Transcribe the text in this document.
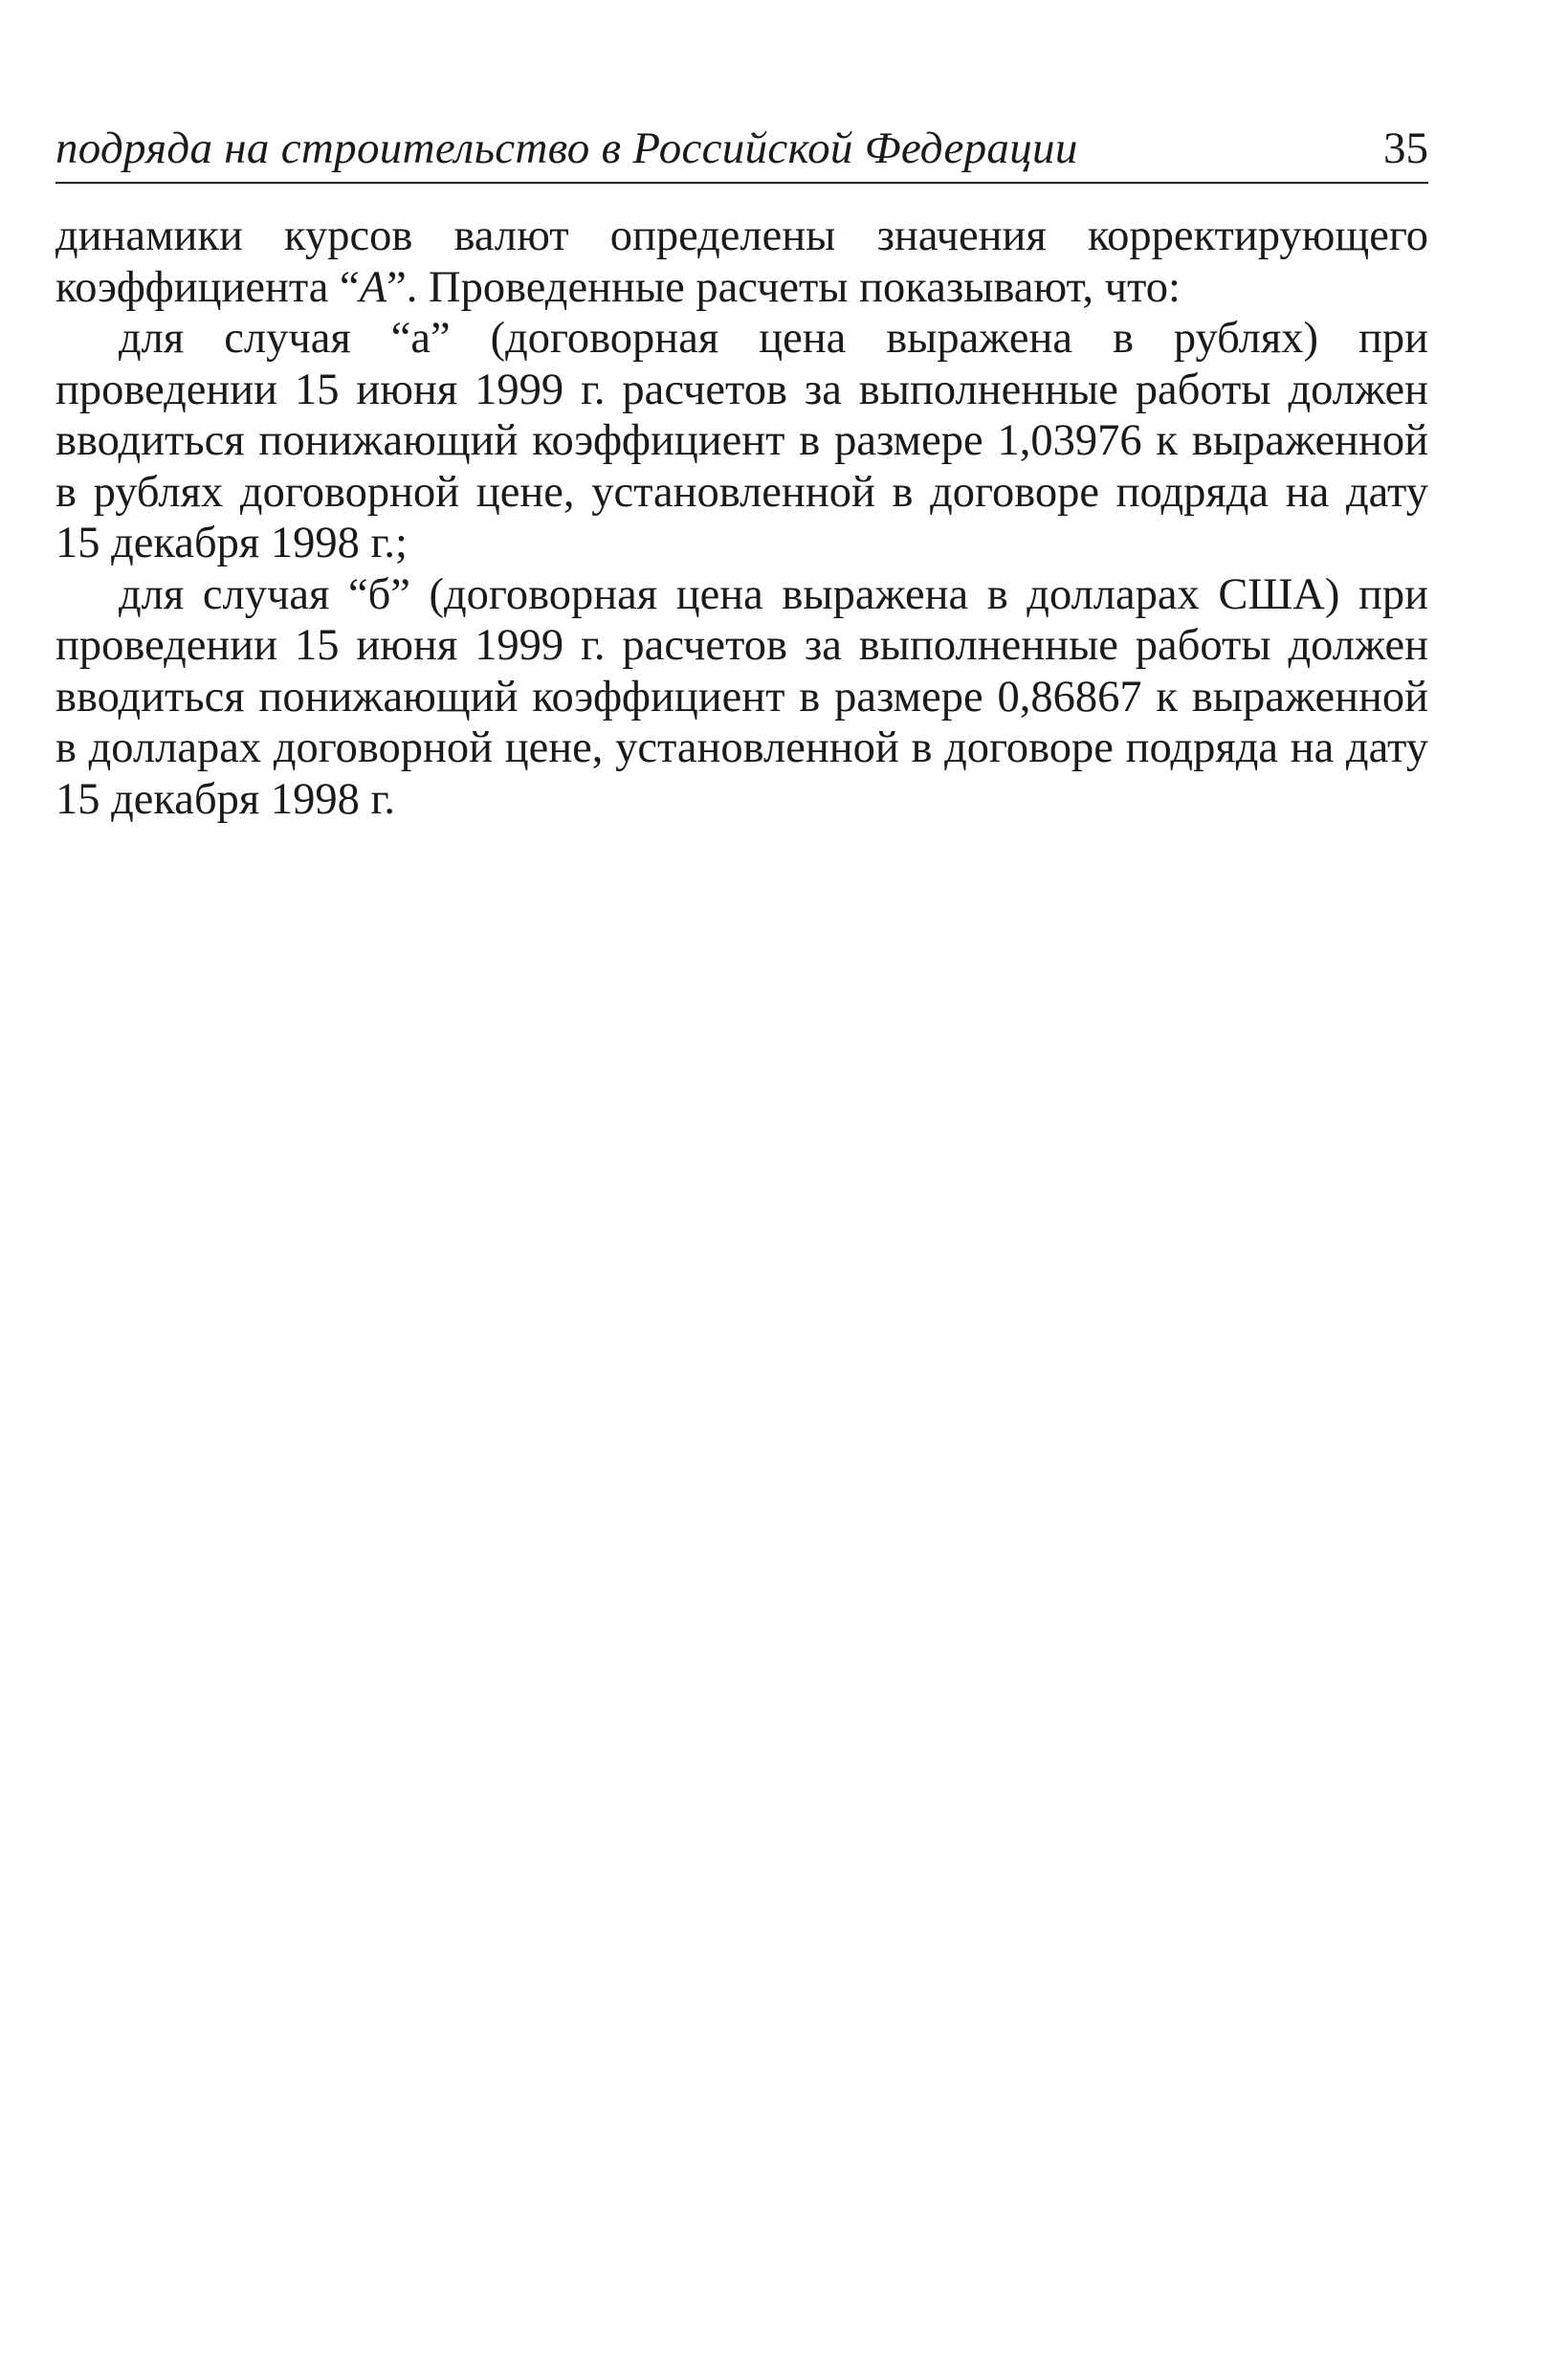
подряда на строительство в Российской Федерации	35

динамики курсов валют определены значения корректирующего коэффициента “A”. Проведенные расчеты показывают, что:

для случая “а” (договорная цена выражена в рублях) при проведении 15 июня 1999 г. расчетов за выполненные работы должен вводиться понижающий коэффициент в размере 1,03976 к выраженной в рублях договорной цене, установленной в договоре подряда на дату 15 декабря 1998 г.;

для случая “б” (договорная цена выражена в долларах США) при проведении 15 июня 1999 г. расчетов за выполненные работы должен вводиться понижающий коэффициент в размере 0,86867 к выраженной в долларах договорной цене, установленной в договоре подряда на дату 15 декабря 1998 г.
